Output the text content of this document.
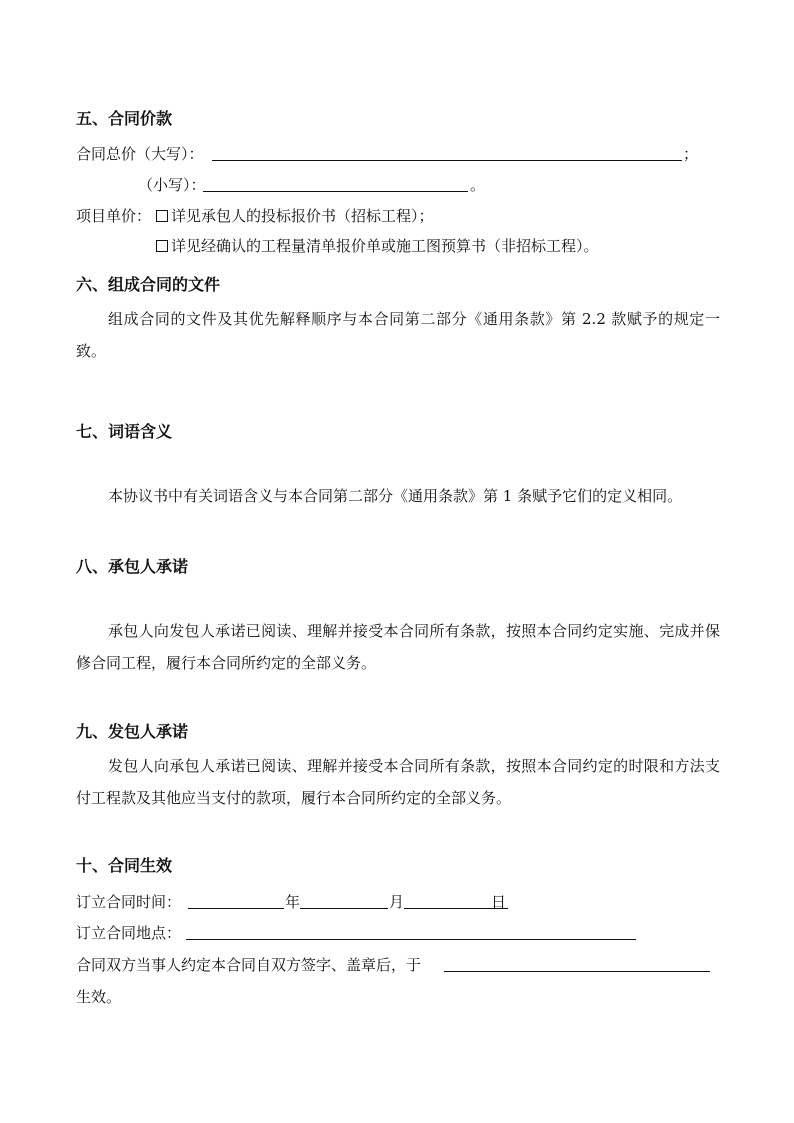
五、合同价款
合同总价（大写）：	；
（小写）：	。
项目单价：	详见承包人的投标报价书（招标工程）；
详见经确认的工程量清单报价单或施工图预算书（非招标工程）。
六、组成合同的文件
组成合同的文件及其优先解释顺序与本合同第二部分《通用条款》第 2.2 款赋予的规定一致。
七、词语含义
本协议书中有关词语含义与本合同第二部分《通用条款》第 1 条赋予它们的定义相同。
八、承包人承诺
承包人向发包人承诺已阅读、理解并接受本合同所有条款，按照本合同约定实施、完成并保修合同工程，履行本合同所约定的全部义务。
九、发包人承诺
发包人向承包人承诺已阅读、理解并接受本合同所有条款，按照本合同约定的时限和方法支付工程款及其他应当支付的款项，履行本合同所约定的全部义务。
十、合同生效
订立合同时间：	年	月	日
订立合同地点：
合同双方当事人约定本合同自双方签字、盖章后，于
生效。
